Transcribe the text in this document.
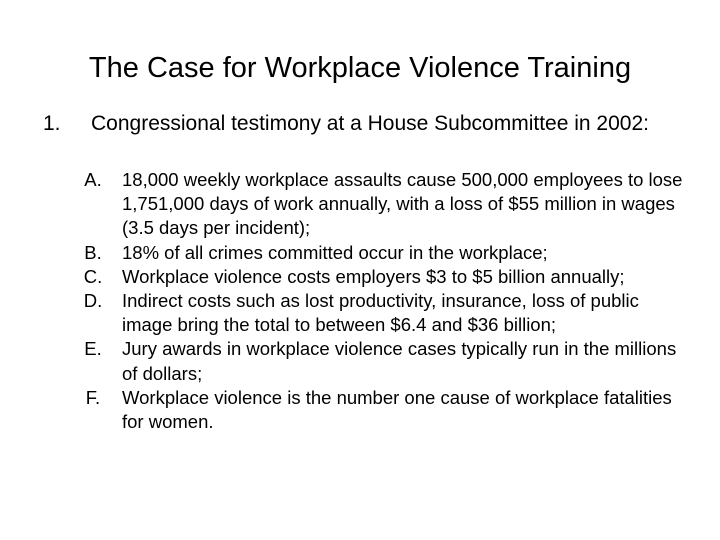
The Case for Workplace Violence Training
1. Congressional testimony at a House Subcommittee in 2002:
A.	18,000 weekly workplace assaults cause 500,000 employees to lose 1,751,000 days of work annually, with a loss of $55 million in wages (3.5 days per incident);
B.	18% of all crimes committed occur in the workplace;
C.	Workplace violence costs employers $3 to $5 billion annually;
D.	Indirect costs such as lost productivity, insurance, loss of public image bring the total to between $6.4 and $36 billion;
E.	Jury awards in workplace violence cases typically run in the millions of dollars;
F.	Workplace violence is the number one cause of workplace fatalities for women.
